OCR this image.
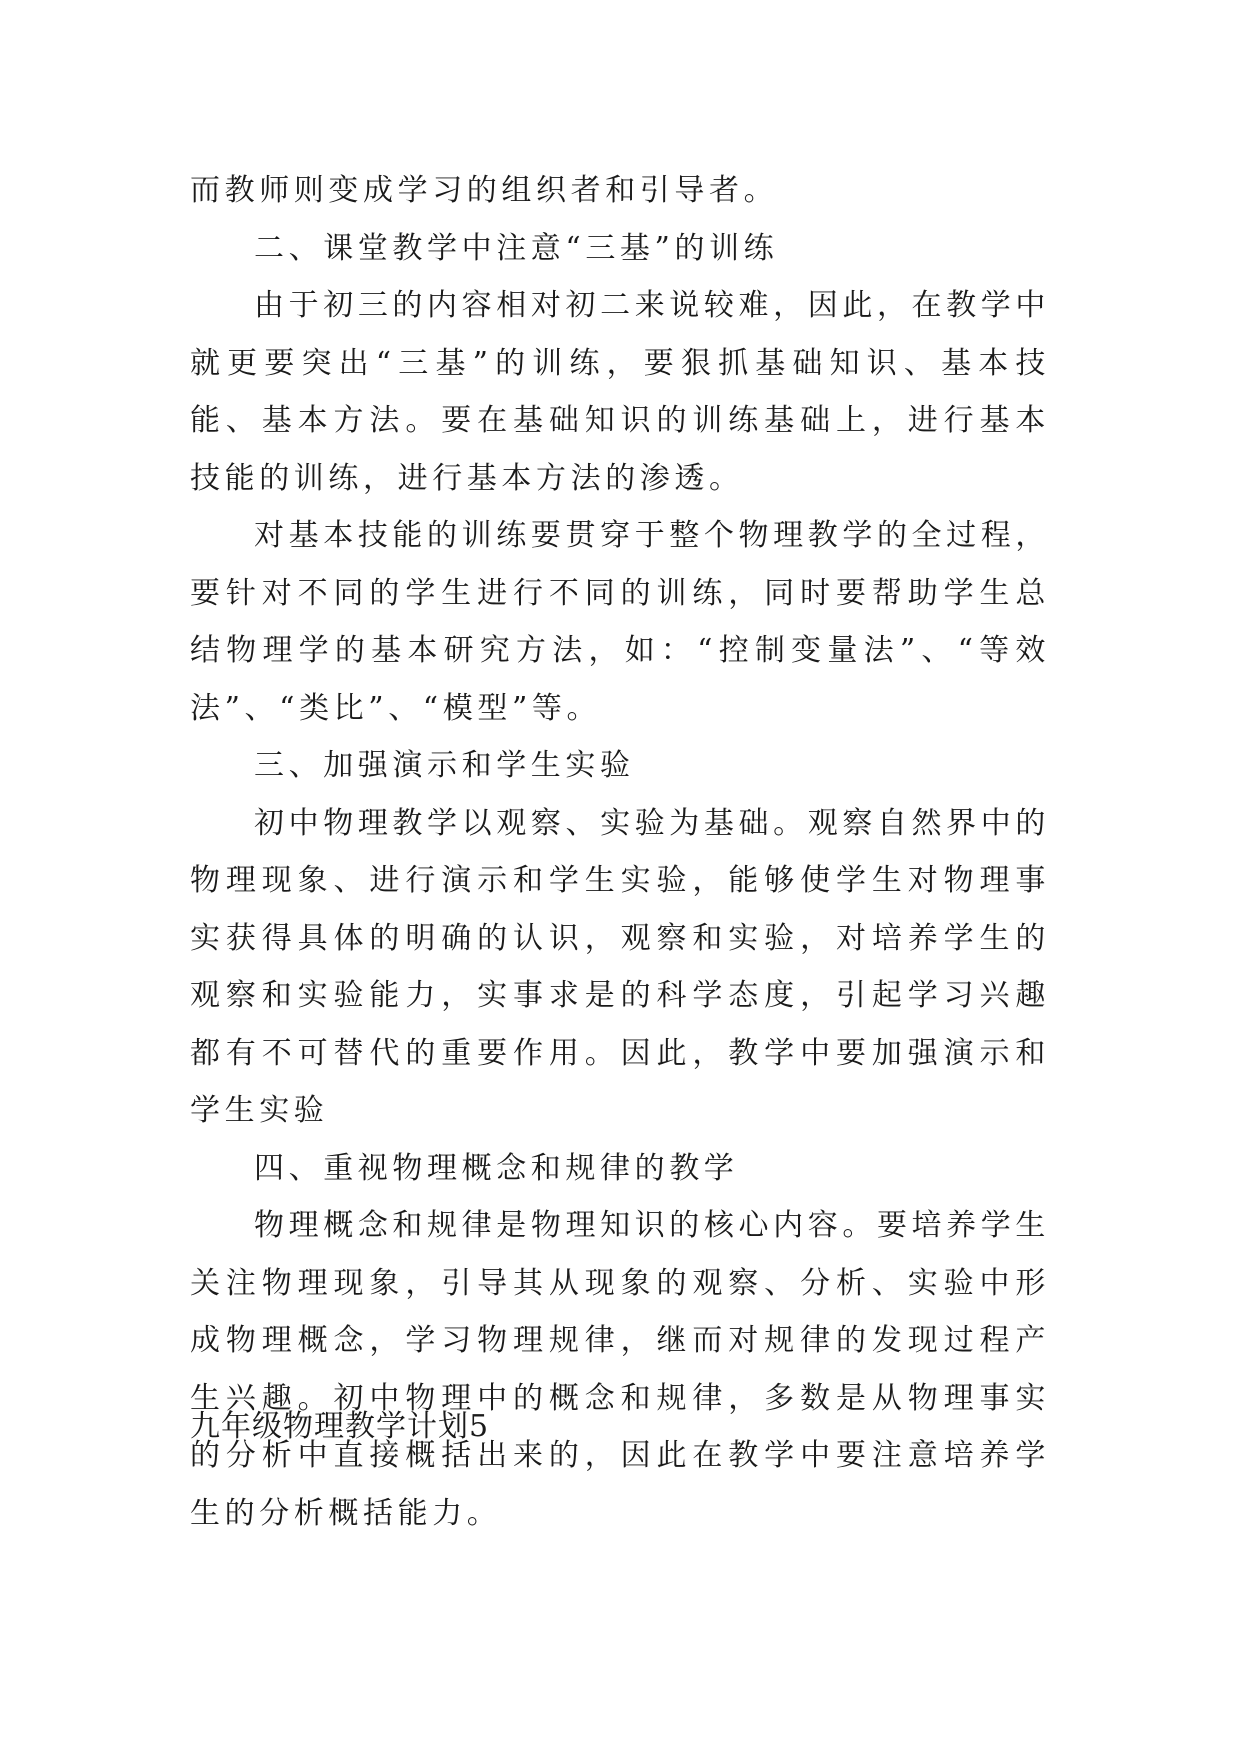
而教师则变成学习的组织者和引导者。

二、课堂教学中注意“三基”的训练

由于初三的内容相对初二来说较难，因此，在教学中就更要突出“三基”的训练，要狠抓基础知识、基本技能、基本方法。要在基础知识的训练基础上，进行基本技能的训练，进行基本方法的渗透。

对基本技能的训练要贯穿于整个物理教学的全过程，要针对不同的学生进行不同的训练，同时要帮助学生总结物理学的基本研究方法，如：“控制变量法”、“等效法”、“类比”、“模型”等。

三、加强演示和学生实验

初中物理教学以观察、实验为基础。观察自然界中的物理现象、进行演示和学生实验，能够使学生对物理事实获得具体的明确的认识，观察和实验，对培养学生的观察和实验能力，实事求是的科学态度，引起学习兴趣都有不可替代的重要作用。因此，教学中要加强演示和学生实验

四、重视物理概念和规律的教学

物理概念和规律是物理知识的核心内容。要培养学生关注物理现象，引导其从现象的观察、分析、实验中形成物理概念，学习物理规律，继而对规律的发现过程产生兴趣。初中物理中的概念和规律，多数是从物理事实的分析中直接概括出来的，因此在教学中要注意培养学生的分析概括能力。

九年级物理教学计划5
